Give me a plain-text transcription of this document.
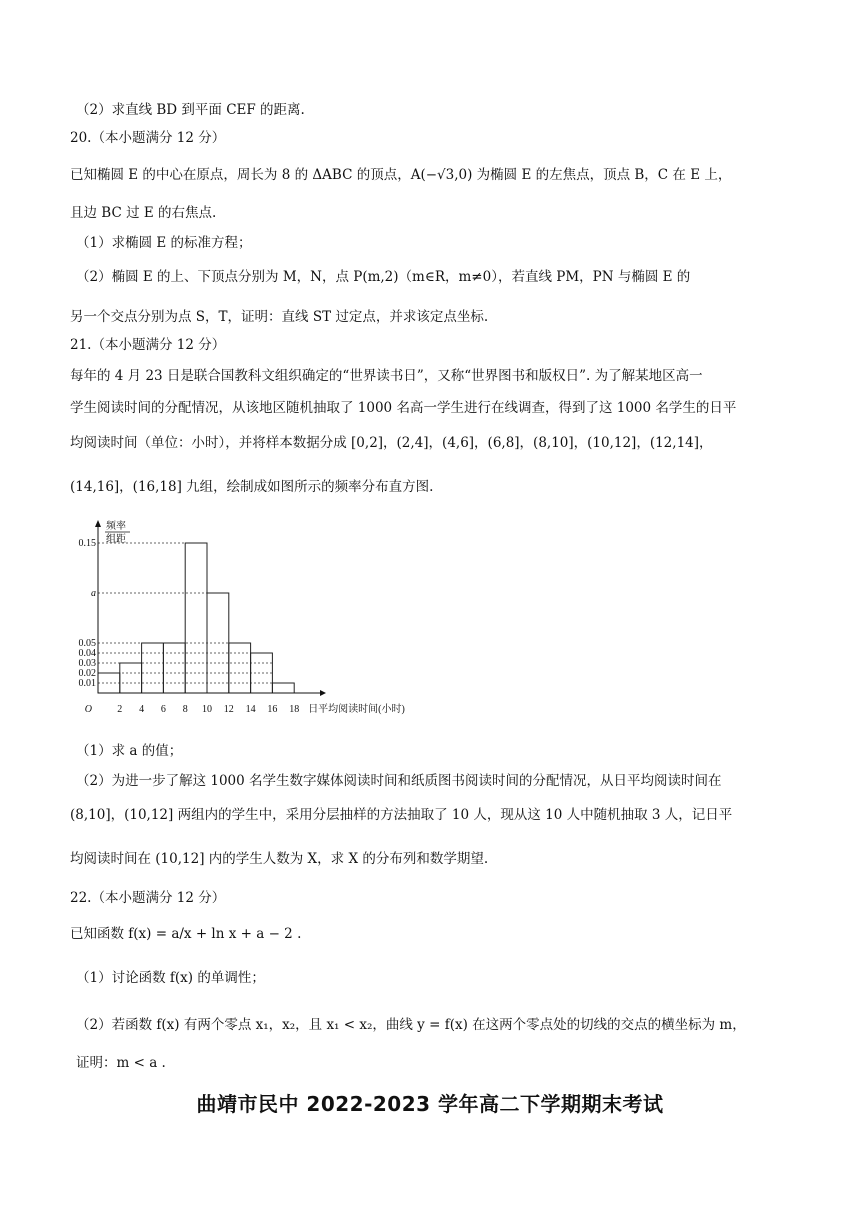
（2）求直线 BD 到平面 CEF 的距离.
20.（本小题满分 12 分）
已知椭圆 E 的中心在原点，周长为 8 的 ΔABC 的顶点，A(−√3,0) 为椭圆 E 的左焦点，顶点 B，C 在 E 上，
且边 BC 过 E 的右焦点.
（1）求椭圆 E 的标准方程；
（2）椭圆 E 的上、下顶点分别为 M，N，点 P(m,2)（m∈R，m≠0），若直线 PM，PN 与椭圆 E 的
另一个交点分别为点 S，T，证明：直线 ST 过定点，并求该定点坐标.
21.（本小题满分 12 分）
每年的 4 月 23 日是联合国教科文组织确定的“世界读书日”，又称“世界图书和版权日”. 为了解某地区高一
学生阅读时间的分配情况，从该地区随机抽取了 1000 名高一学生进行在线调查，得到了这 1000 名学生的日平
均阅读时间（单位：小时），并将样本数据分成 [0,2]，(2,4]，(4,6]，(6,8]，(8,10]，(10,12]，(12,14]，
(14,16]，(16,18] 九组，绘制成如图所示的频率分布直方图.
0.15
a
0.05
0.04
0.03
0.02
0.01
2 4 6 8 10 12 14 16 18
O
频率
组距
日平均阅读时间(小时)
（1）求 a 的值；
（2）为进一步了解这 1000 名学生数字媒体阅读时间和纸质图书阅读时间的分配情况，从日平均阅读时间在
(8,10]，(10,12] 两组内的学生中，采用分层抽样的方法抽取了 10 人，现从这 10 人中随机抽取 3 人，记日平
均阅读时间在 (10,12] 内的学生人数为 X，求 X 的分布列和数学期望.
22.（本小题满分 12 分）
已知函数 f(x) = a/x + ln x + a − 2 .
（1）讨论函数 f(x) 的单调性；
（2）若函数 f(x) 有两个零点 x₁，x₂，且 x₁ < x₂，曲线 y = f(x) 在这两个零点处的切线的交点的横坐标为 m，
证明：m < a .
曲靖市民中 2022-2023 学年高二下学期期末考试
